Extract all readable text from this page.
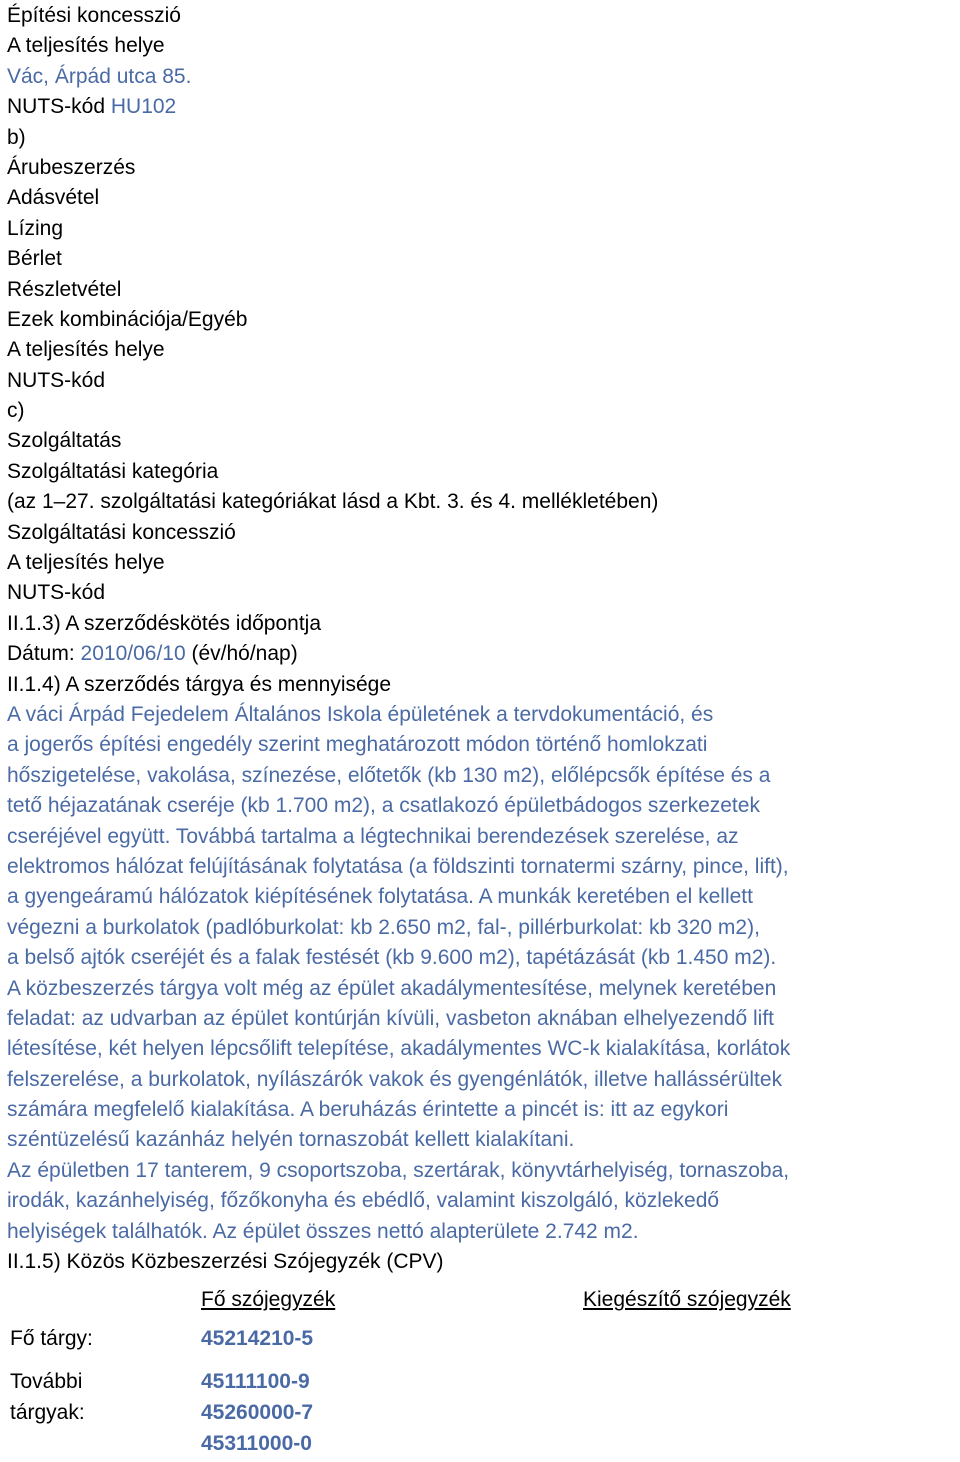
Építési koncesszió
A teljesítés helye
Vác, Árpád utca 85.
NUTS-kód HU102
b)
Árubeszerzés
Adásvétel
Lízing
Bérlet
Részletvétel
Ezek kombinációja/Egyéb
A teljesítés helye
NUTS-kód
c)
Szolgáltatás
Szolgáltatási kategória
(az 1–27. szolgáltatási kategóriákat lásd a Kbt. 3. és 4. mellékletében)
Szolgáltatási koncesszió
A teljesítés helye
NUTS-kód
II.1.3) A szerződéskötés időpontja
Dátum: 2010/06/10 (év/hó/nap)
II.1.4) A szerződés tárgya és mennyisége
A váci Árpád Fejedelem Általános Iskola épületének a tervdokumentáció, és
a jogerős építési engedély szerint meghatározott módon történő homlokzati
hőszigetelése, vakolása, színezése, előtetők (kb 130 m2), előlépcsők építése és a
tető héjazatának cseréje (kb 1.700 m2), a csatlakozó épületbádogos szerkezetek
cseréjével együtt. Továbbá tartalma a légtechnikai berendezések szerelése, az
elektromos hálózat felújításának folytatása (a földszinti tornatermi szárny, pince, lift),
a gyengeáramú hálózatok kiépítésének folytatása. A munkák keretében el kellett
végezni a burkolatok (padlóburkolat: kb 2.650 m2, fal-, pillérburkolat: kb 320 m2),
a belső ajtók cseréjét és a falak festését (kb 9.600 m2), tapétázását (kb 1.450 m2).
A közbeszerzés tárgya volt még az épület akadálymentesítése, melynek keretében
feladat: az udvarban az épület kontúrján kívüli, vasbeton aknában elhelyezendő lift
létesítése, két helyen lépcsőlift telepítése, akadálymentes WC-k kialakítása, korlátok
felszerelése, a burkolatok, nyílászárók vakok és gyengénlátók, illetve hallássérültek
számára megfelelő kialakítása. A beruházás érintette a pincét is: itt az egykori
széntüzelésű kazánház helyén tornaszobát kellett kialakítani.
Az épületben 17 tanterem, 9 csoportszoba, szertárak, könyvtárhelyiség, tornaszoba,
irodák, kazánhelyiség, főzőkonyha és ebédlő, valamint kiszolgáló, közlekedő
helyiségek találhatók. Az épület összes nettó alapterülete 2.742 m2.
II.1.5) Közös Közbeszerzési Szójegyzék (CPV)
Fő szójegyzék	Kiegészítő szójegyzék
Fő tárgy:	45214210-5
További
tárgyak:
45111100-9
45260000-7
45311000-0
